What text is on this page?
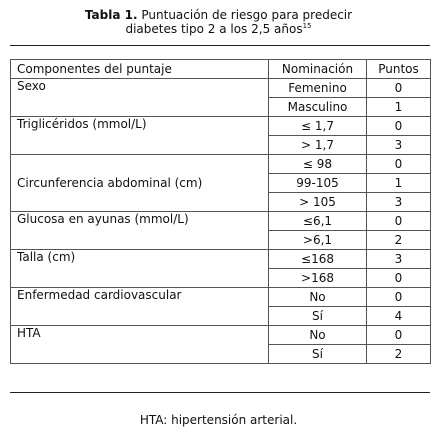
Tabla 1. Puntuación de riesgo para predecir
diabetes tipo 2 a los 2,5 años$^{15}$
Componentes del puntaje	Nominación	Puntos
Sexo	Femenino	0
	Masculino	1
Triglicéridos (mmol/L)	≤ 1,7	0
	> 1,7	3
Circunferencia abdominal (cm)	≤ 98	0
	99-105	1
	> 105	3
Glucosa en ayunas (mmol/L)	≤6,1	0
	>6,1	2
Talla (cm)	≤168	3
	>168	0
Enfermedad cardiovascular	No	0
	Sí	4
HTA	No	0
	Sí	2
HTA: hipertensión arterial.
